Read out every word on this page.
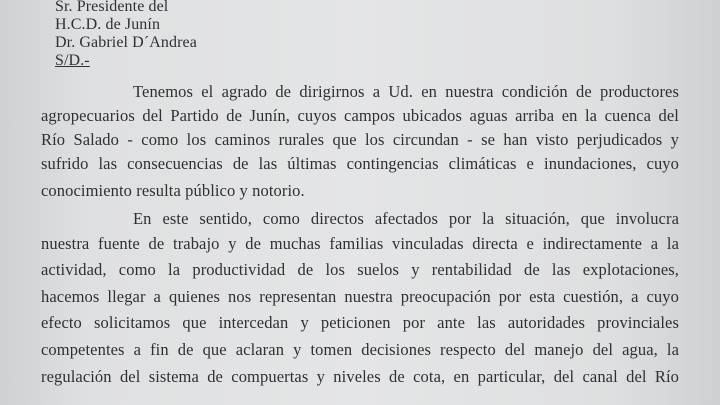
Sr. Presidente del
H.C.D. de Junín
Dr. Gabriel D´Andrea
S/D.-
Tenemos el agrado de dirigirnos a Ud. en nuestra condición de productores
agropecuarios del Partido de Junín, cuyos campos ubicados aguas arriba en la cuenca del
Río Salado - como los caminos rurales que los circundan - se han visto perjudicados y
sufrido las consecuencias de las últimas contingencias climáticas e inundaciones, cuyo
conocimiento resulta público y notorio.
En este sentido, como directos afectados por la situación, que involucra
nuestra fuente de trabajo y de muchas familias vinculadas directa e indirectamente a la
actividad, como la productividad de los suelos y rentabilidad de las explotaciones,
hacemos llegar a quienes nos representan nuestra preocupación por esta cuestión, a cuyo
efecto solicitamos que intercedan y peticionen por ante las autoridades provinciales
competentes a fin de que aclaran y tomen decisiones respecto del manejo del agua, la
regulación del sistema de compuertas y niveles de cota, en particular, del canal del Río
